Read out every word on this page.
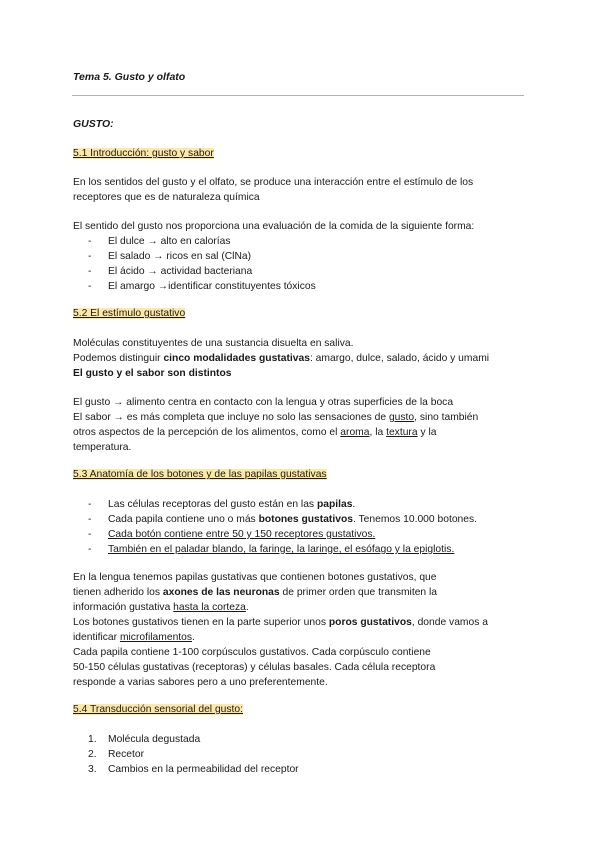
Tema 5. Gusto y olfato
GUSTO:
5.1 Introducción: gusto y sabor
En los sentidos del gusto y el olfato, se produce una interacción entre el estímulo de los
receptores que es de naturaleza química
El sentido del gusto nos proporciona una evaluación de la comida de la siguiente forma:
- El dulce → alto en calorías
- El salado → ricos en sal (ClNa)
- El ácido → actividad bacteriana
- El amargo →identificar constituyentes tóxicos
5.2 El estímulo gustativo
Moléculas constituyentes de una sustancia disuelta en saliva.
Podemos distinguir cinco modalidades gustativas: amargo, dulce, salado, ácido y umami
El gusto y el sabor son distintos
El gusto → alimento centra en contacto con la lengua y otras superficies de la boca
El sabor → es más completa que incluye no solo las sensaciones de gusto, sino también
otros aspectos de la percepción de los alimentos, como el aroma, la textura y la
temperatura.
5.3 Anatomía de los botones y de las papilas gustativas
- Las células receptoras del gusto están en las papilas.
- Cada papila contiene uno o más botones gustativos. Tenemos 10.000 botones.
- Cada botón contiene entre 50 y 150 receptores gustativos.
- También en el paladar blando, la faringe, la laringe, el esófago y la epiglotis.
En la lengua tenemos papilas gustativas que contienen botones gustativos, que
tienen adherido los axones de las neuronas de primer orden que transmiten la
información gustativa hasta la corteza.
Los botones gustativos tienen en la parte superior unos poros gustativos, donde vamos a
identificar microfilamentos.
Cada papila contiene 1-100 corpúsculos gustativos. Cada corpúsculo contiene
50-150 células gustativas (receptoras) y células basales. Cada célula receptora
responde a varias sabores pero a uno preferentemente.
5.4 Transducción sensorial del gusto:
1. Molécula degustada
2. Recetor
3. Cambios en la permeabilidad del receptor
